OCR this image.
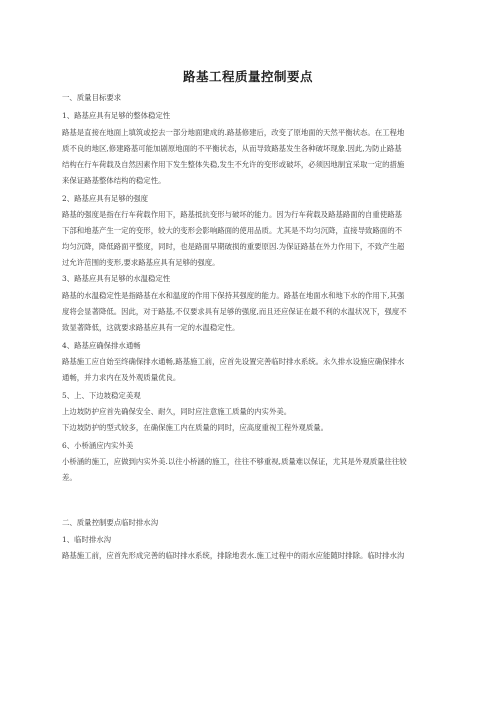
路基工程质量控制要点
一、质量目标要求
1、路基应具有足够的整体稳定性
路基是直接在地面上填筑或挖去一部分地面建成的.路基修建后，改变了原地面的天然平衡状态。在工程地
质不良的地区,修建路基可能加剧原地面的不平衡状态，从而导致路基发生各种破坏现象.因此,为防止路基
结构在行车荷载及自然因素作用下发生整体失稳,发生不允许的变形或破坏，必须因地制宜采取一定的措施
来保证路基整体结构的稳定性。
2、路基应具有足够的强度
路基的强度是指在行车荷载作用下，路基抵抗变形与破坏的能力。因为行车荷载及路基路面的自重使路基
下部和地基产生一定的变形，较大的变形会影响路面的使用品质。尤其是不均匀沉降，直接导致路面的不
均匀沉降，降低路面平整度，同时，也是路面早期破损的重要原因.为保证路基在外力作用下，不致产生超
过允许范围的变形,要求路基应具有足够的强度。
3、路基应具有足够的水温稳定性
路基的水温稳定性是指路基在水和温度的作用下保持其强度的能力。路基在地面水和地下水的作用下,其强
度将会显著降低。因此，对于路基,不仅要求具有足够的强度,而且还应保证在最不利的水温状况下，强度不
致显著降低，这就要求路基应具有一定的水温稳定性。
4、路基应确保排水通畅
路基施工应自始至终确保排水通畅,路基施工前，应首先设置完善临时排水系统。永久排水设施应确保排水
通畅，并力求内在及外观质量优良。
5、上、下边坡稳定美观
上边坡防护应首先确保安全、耐久，同时应注意施工质量的内实外美。
下边坡防护的型式较多，在确保施工内在质量的同时，应高度重视工程外观质量。
6、小桥涵应内实外美
小桥涵的施工，应做到内实外美.以往小桥涵的施工，往往不够重视,质量难以保证，尤其是外观质量往往较
差。
二、质量控制要点临时排水沟
1、临时排水沟
路基施工前，应首先形成完善的临时排水系统，排除地表水.施工过程中的雨水应能随时排除。临时排水沟
